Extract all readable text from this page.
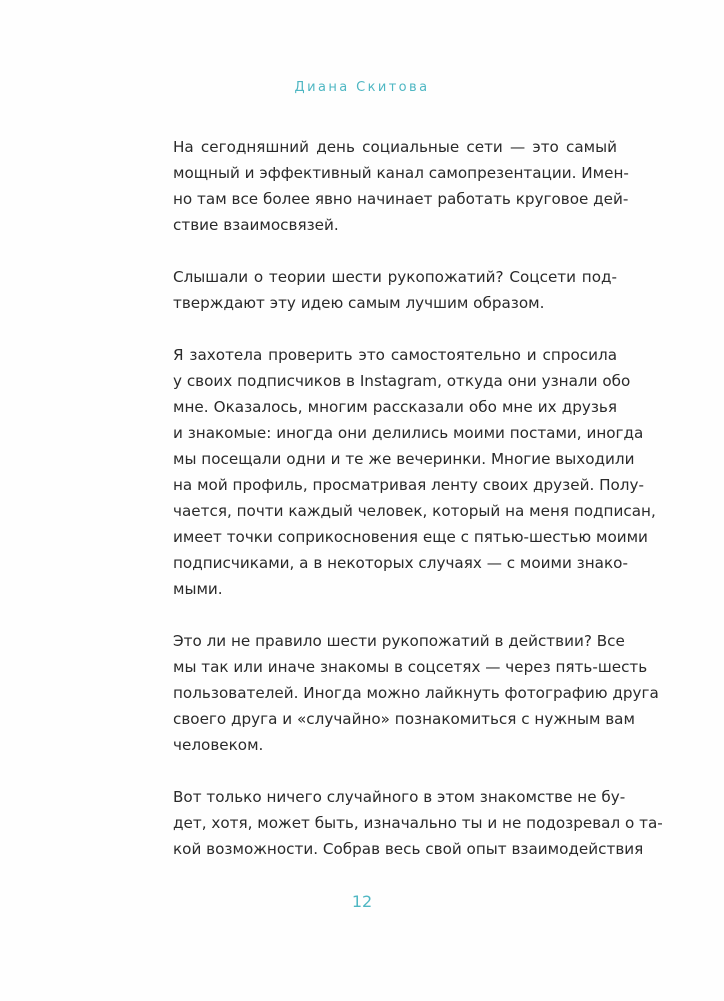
Диана Скитова

На сегодняшний день социальные сети — это самый
мощный и эффективный канал самопрезентации. Имен-
но там все более явно начинает работать круговое дей-
ствие взаимосвязей.

Слышали о теории шести рукопожатий? Соцсети под-
тверждают эту идею самым лучшим образом.

Я захотела проверить это самостоятельно и спросила
у своих подписчиков в Instagram, откуда они узнали обо
мне. Оказалось, многим рассказали обо мне их друзья
и знакомые: иногда они делились моими постами, иногда
мы посещали одни и те же вечеринки. Многие выходили
на мой профиль, просматривая ленту своих друзей. Полу-
чается, почти каждый человек, который на меня подписан,
имеет точки соприкосновения еще с пятью-шестью моими
подписчиками, а в некоторых случаях — с моими знако-
мыми.

Это ли не правило шести рукопожатий в действии? Все
мы так или иначе знакомы в соцсетях — через пять-шесть
пользователей. Иногда можно лайкнуть фотографию друга
своего друга и «случайно» познакомиться с нужным вам
человеком.

Вот только ничего случайного в этом знакомстве не бу-
дет, хотя, может быть, изначально ты и не подозревал о та-
кой возможности. Собрав весь свой опыт взаимодействия

12
